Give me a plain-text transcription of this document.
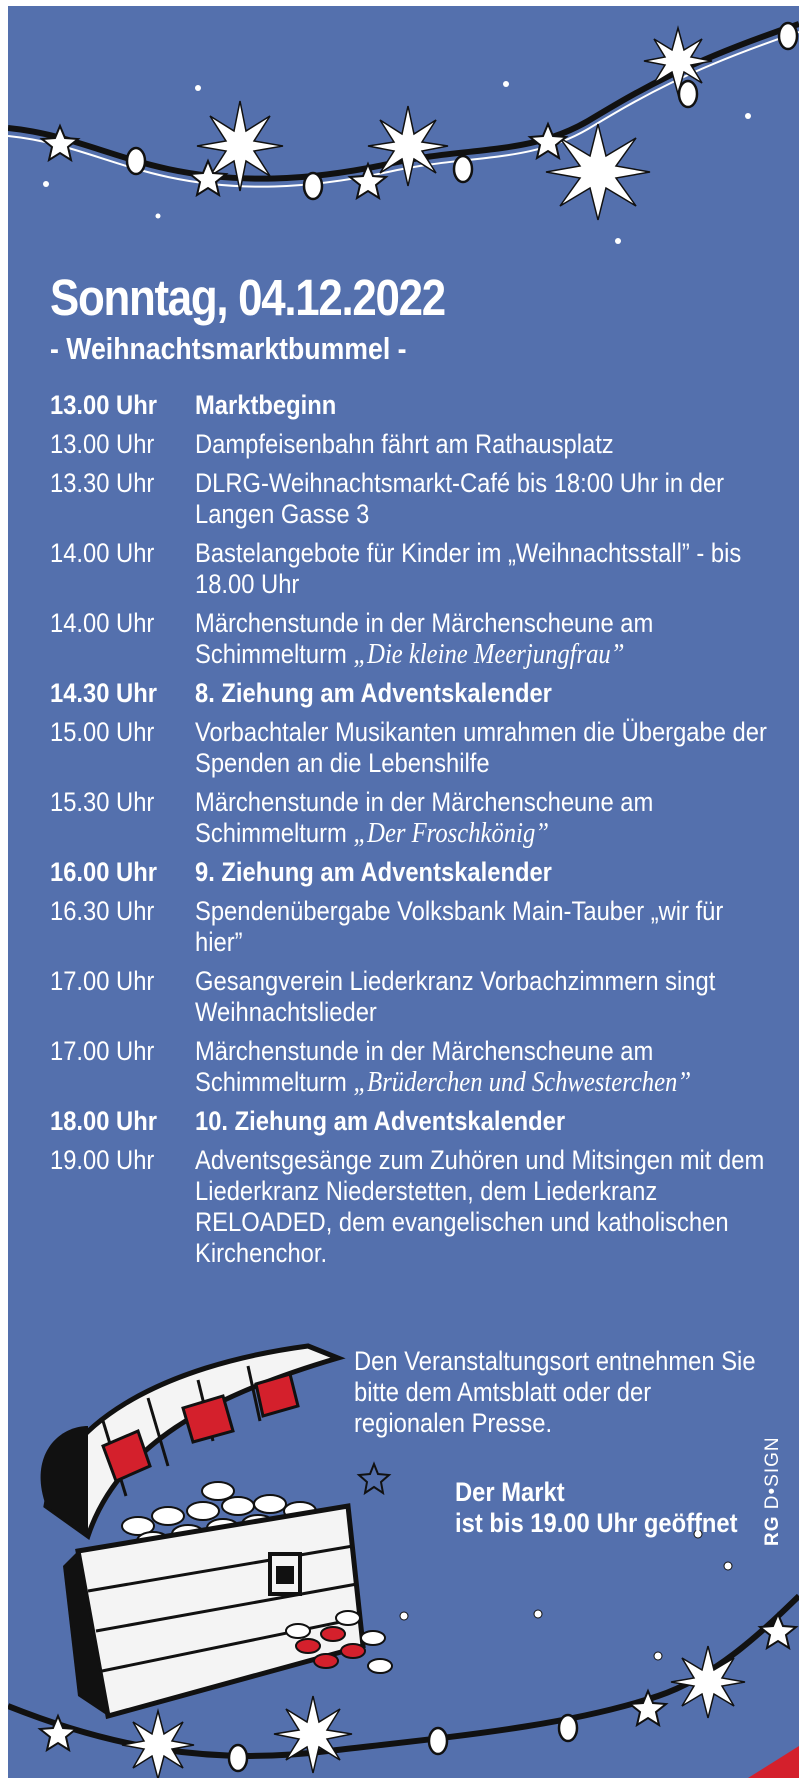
Sonntag, 04.12.2022
- Weihnachtsmarktbummel -
13.00 Uhr	Marktbeginn
13.00 Uhr	Dampfeisenbahn fährt am Rathausplatz
13.30 Uhr	DLRG-Weihnachtsmarkt-Café bis 18:00 Uhr in der Langen Gasse 3
14.00 Uhr	Bastelangebote für Kinder im „Weihnachtsstall” - bis 18.00 Uhr
14.00 Uhr	Märchenstunde in der Märchenscheune am Schimmelturm „Die kleine Meerjungfrau”
14.30 Uhr	8. Ziehung am Adventskalender
15.00 Uhr	Vorbachtaler Musikanten umrahmen die Übergabe der Spenden an die Lebenshilfe
15.30 Uhr	Märchenstunde in der Märchenscheune am Schimmelturm „Der Froschkönig”
16.00 Uhr	9. Ziehung am Adventskalender
16.30 Uhr	Spendenübergabe Volksbank Main-Tauber „wir für hier”
17.00 Uhr	Gesangverein Liederkranz Vorbachzimmern singt Weihnachtslieder
17.00 Uhr	Märchenstunde in der Märchenscheune am Schimmelturm „Brüderchen und Schwesterchen”
18.00 Uhr	10. Ziehung am Adventskalender
19.00 Uhr	Adventsgesänge zum Zuhören und Mitsingen mit dem Liederkranz Niederstetten, dem Liederkranz RELOADED, dem evangelischen und katholischen Kirchenchor.
Den Veranstaltungsort entnehmen Sie bitte dem Amtsblatt oder der regionalen Presse.
Der Markt
ist bis 19.00 Uhr geöffnet	RG D•SIGN
